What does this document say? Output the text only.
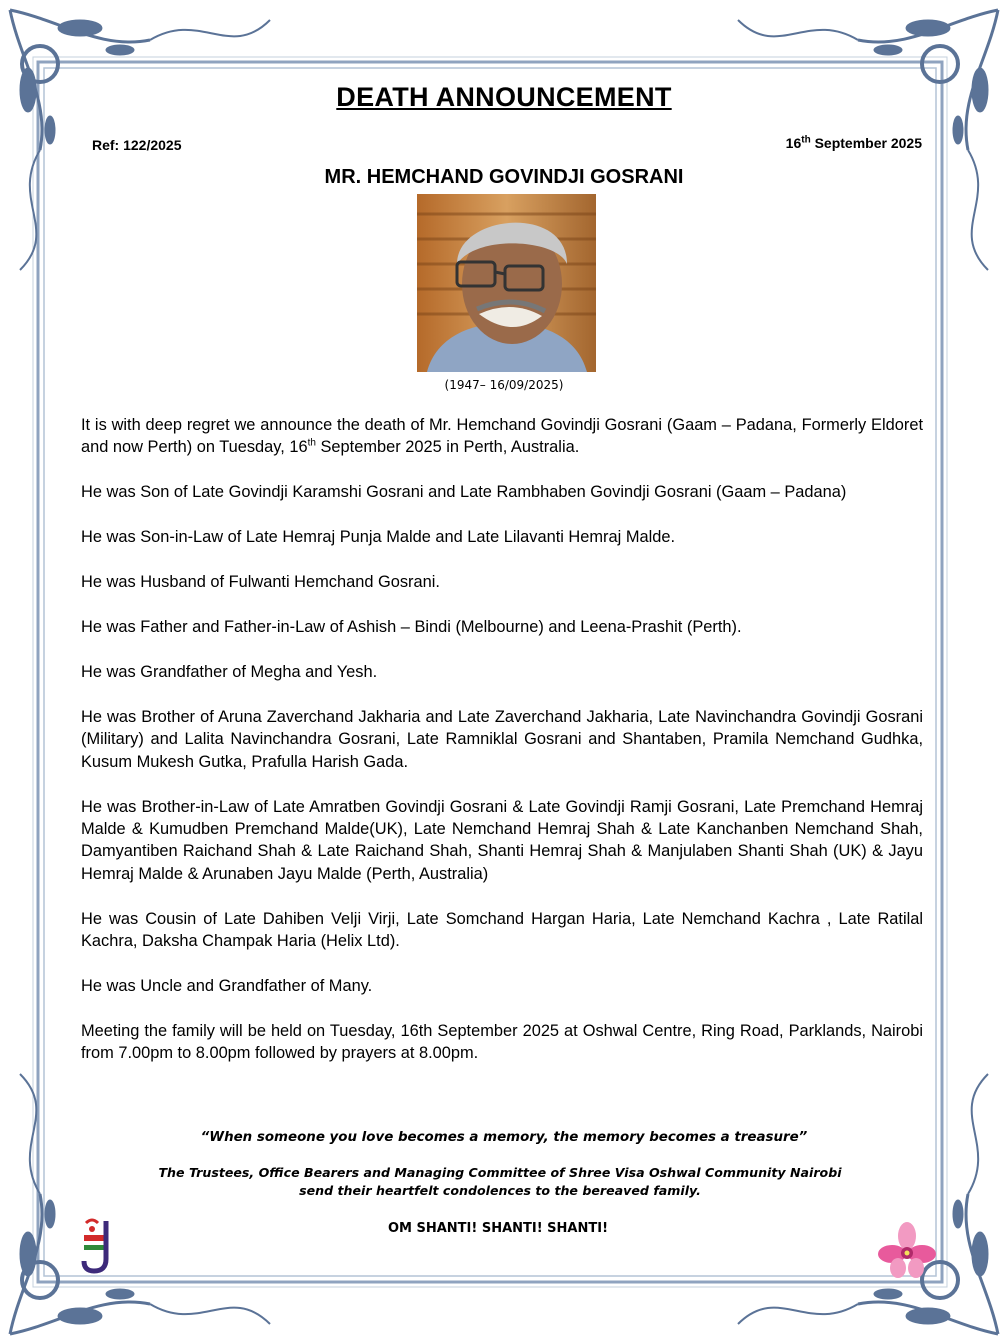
DEATH ANNOUNCEMENT
Ref: 122/2025	16th September 2025
MR. HEMCHAND GOVINDJI GOSRANI
(1947– 16/09/2025)

It is with deep regret we announce the death of Mr. Hemchand Govindji Gosrani (Gaam – Padana, Formerly Eldoret and now Perth) on Tuesday, 16th September 2025 in Perth, Australia.

He was Son of Late Govindji Karamshi Gosrani and Late Rambhaben Govindji Gosrani (Gaam – Padana)

He was Son-in-Law of Late Hemraj Punja Malde and Late Lilavanti Hemraj Malde.

He was Husband of Fulwanti Hemchand Gosrani.

He was Father and Father-in-Law of Ashish – Bindi (Melbourne) and Leena-Prashit (Perth).

He was Grandfather of Megha and Yesh.

He was Brother of Aruna Zaverchand Jakharia and Late Zaverchand Jakharia, Late Navinchandra Govindji Gosrani (Military) and Lalita Navinchandra Gosrani, Late Ramniklal Gosrani and Shantaben, Pramila Nemchand Gudhka, Kusum Mukesh Gutka, Prafulla Harish Gada.

He was Brother-in-Law of Late Amratben Govindji Gosrani & Late Govindji Ramji Gosrani, Late Premchand Hemraj Malde & Kumudben Premchand Malde(UK), Late Nemchand Hemraj Shah & Late Kanchanben Nemchand Shah, Damyantiben Raichand Shah & Late Raichand Shah, Shanti Hemraj Shah & Manjulaben Shanti Shah (UK) & Jayu Hemraj Malde & Arunaben Jayu Malde (Perth, Australia)

He was Cousin of Late Dahiben Velji Virji, Late Somchand Hargan Haria, Late Nemchand Kachra , Late Ratilal Kachra, Daksha Champak Haria (Helix Ltd).

He was Uncle and Grandfather of Many.

Meeting the family will be held on Tuesday, 16th September 2025 at Oshwal Centre, Ring Road, Parklands, Nairobi from 7.00pm to 8.00pm followed by prayers at 8.00pm.

“When someone you love becomes a memory, the memory becomes a treasure”
The Trustees, Office Bearers and Managing Committee of Shree Visa Oshwal Community Nairobi
send their heartfelt condolences to the bereaved family.
OM SHANTI! SHANTI! SHANTI!
